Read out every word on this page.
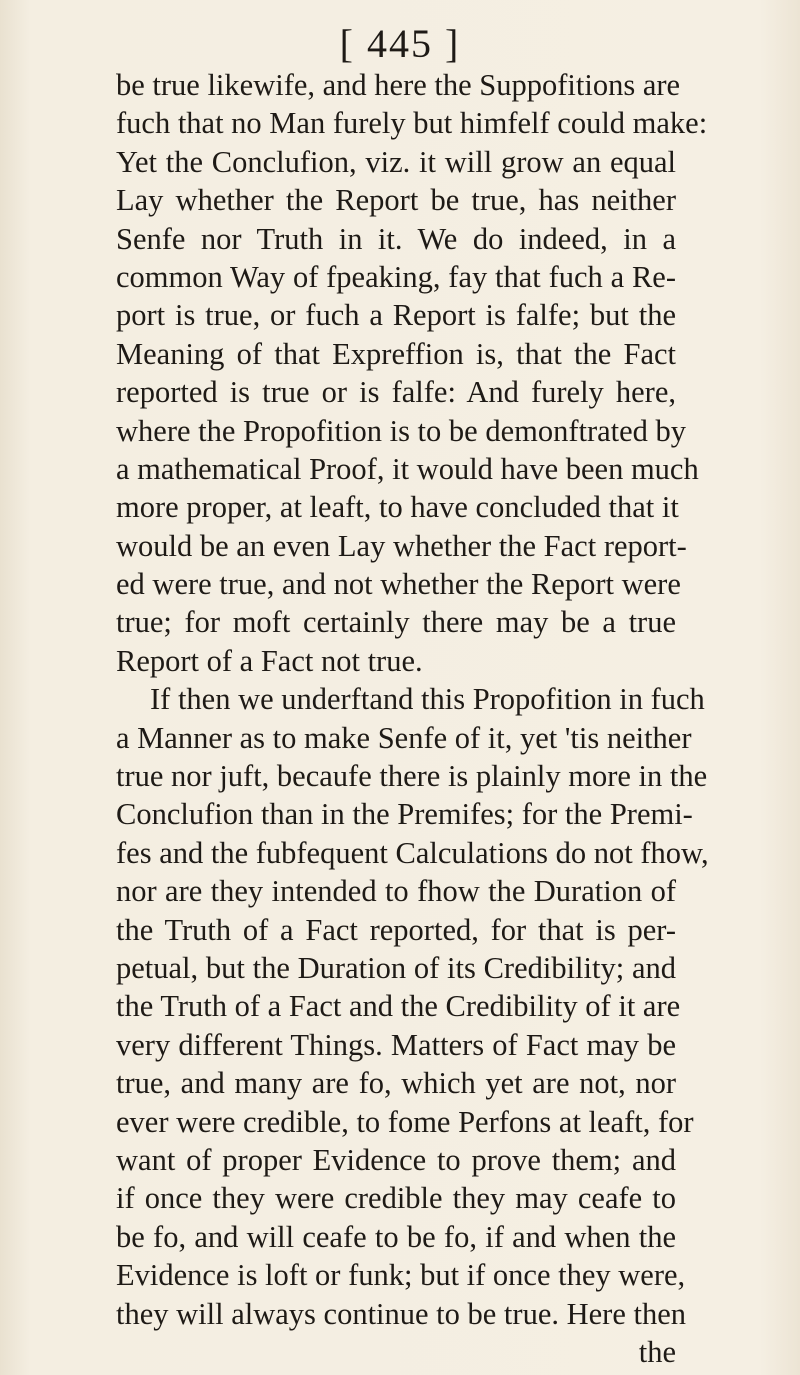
[ 445 ]
be true likewife, and here the Suppofitions are
fuch that no Man furely but himfelf could make:
Yet the Conclufion, viz. it will grow an equal
Lay whether the Report be true, has neither
Senfe nor Truth in it. We do indeed, in a
common Way of fpeaking, fay that fuch a Re-
port is true, or fuch a Report is falfe; but the
Meaning of that Expreffion is, that the Fact
reported is true or is falfe: And furely here,
where the Propofition is to be demonftrated by
a mathematical Proof, it would have been much
more proper, at leaft, to have concluded that it
would be an even Lay whether the Fact report-
ed were true, and not whether the Report were
true; for moft certainly there may be a true
Report of a Fact not true.
If then we underftand this Propofition in fuch
a Manner as to make Senfe of it, yet 'tis neither
true nor juft, becaufe there is plainly more in the
Conclufion than in the Premifes; for the Premi-
fes and the fubfequent Calculations do not fhow,
nor are they intended to fhow the Duration of
the Truth of a Fact reported, for that is per-
petual, but the Duration of its Credibility; and
the Truth of a Fact and the Credibility of it are
very different Things. Matters of Fact may be
true, and many are fo, which yet are not, nor
ever were credible, to fome Perfons at leaft, for
want of proper Evidence to prove them; and
if once they were credible they may ceafe to
be fo, and will ceafe to be fo, if and when the
Evidence is loft or funk; but if once they were,
they will always continue to be true. Here then
the
